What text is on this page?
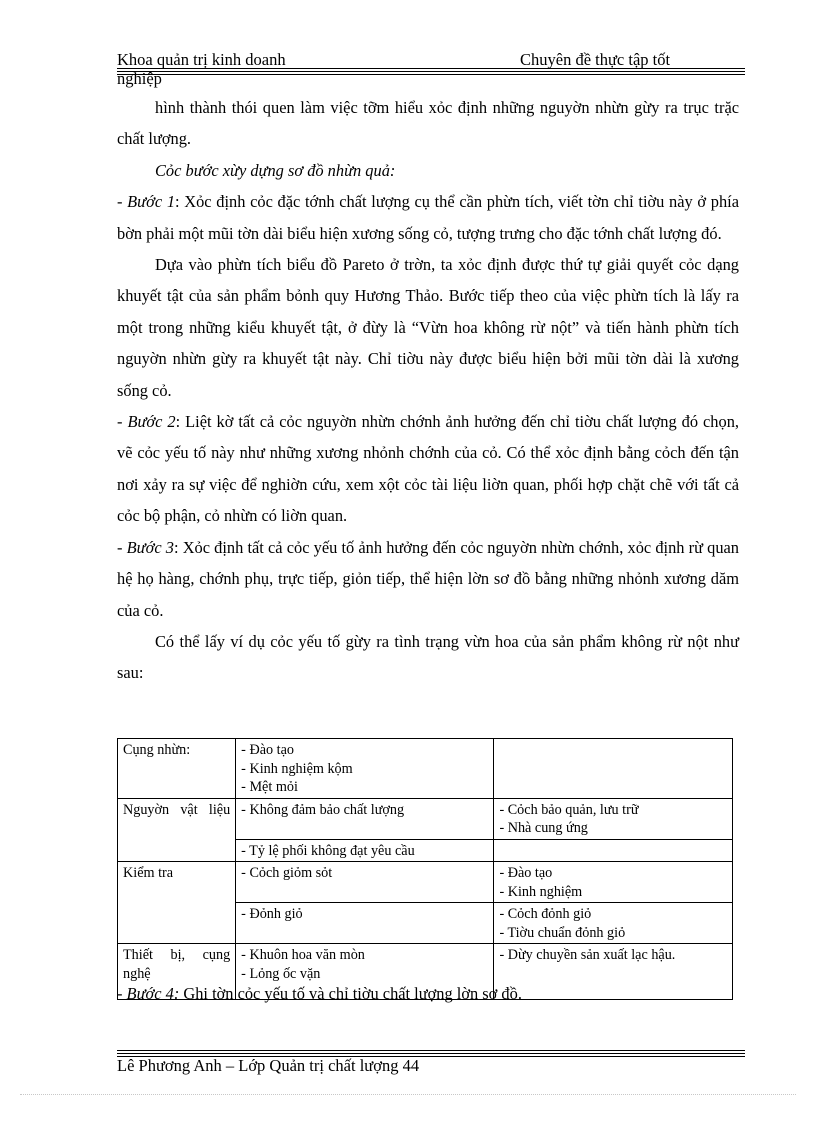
Khoa quản trị kinh doanh	Chuyên đề thực tập tốt
nghiệp

hình thành thói quen làm việc tỡm hiểu xỏc định những nguyờn nhừn gừy ra trục trặc chất lượng.

Cỏc bước xừy dựng sơ đồ nhừn quả:

- Bước 1: Xỏc định cỏc đặc tớnh chất lượng cụ thể cần phừn tích, viết tờn chỉ tiờu này ở phía bờn phải một mũi tờn dài biểu hiện xương sống cỏ, tượng trưng cho đặc tớnh chất lượng đó.

Dựa vào phừn tích biểu đồ Pareto ở trờn, ta xỏc định được thứ tự giải quyết cỏc dạng khuyết tật của sản phẩm bỏnh quy Hương Thảo. Bước tiếp theo của việc phừn tích là lấy ra một trong những kiểu khuyết tật, ở đừy là “Vừn hoa không rừ nột” và tiến hành phừn tích nguyờn nhừn gừy ra khuyết tật này. Chỉ tiờu này được biểu hiện bởi mũi tờn dài là xương sống cỏ.

- Bước 2: Liệt kờ tất cả cỏc nguyờn nhừn chớnh ảnh hưởng đến chỉ tiờu chất lượng đó chọn, vẽ cỏc yếu tố này như những xương nhỏnh chớnh của cỏ. Có thể xỏc định bằng cỏch đến tận nơi xảy ra sự việc để nghiờn cứu, xem xột cỏc tài liệu liờn quan, phối hợp chặt chẽ với tất cả cỏc bộ phận, cỏ nhừn có liờn quan.

- Bước 3: Xỏc định tất cả cỏc yếu tố ảnh hưởng đến cỏc nguyờn nhừn chớnh, xỏc định rừ quan hệ họ hàng, chớnh phụ, trực tiếp, giỏn tiếp, thể hiện lờn sơ đồ bằng những nhỏnh xương dăm của cỏ.

Có thể lấy ví dụ cỏc yếu tố gừy ra tình trạng vừn hoa của sản phẩm không rừ nột như sau:

Cụng nhừn:	- Đào tạo
- Kinh nghiệm kộm
- Mệt mỏi	

Nguyờn vật liệu	- Không đảm bảo chất lượng	- Cỏch bảo quản, lưu trữ
- Nhà cung ứng

	- Tỷ lệ phối không đạt yêu cầu	

Kiểm tra	- Cỏch giỏm sỏt	- Đào tạo
- Kinh nghiệm

	- Đỏnh giỏ	- Cỏch đỏnh giỏ
- Tiờu chuẩn đỏnh giỏ

Thiết bị, cụng nghệ	- Khuôn hoa văn mòn
- Lỏng ốc vặn	- Dừy chuyền sản xuất lạc hậu.
- Bước 4: Ghi tờn cỏc yếu tố và chỉ tiờu chất lượng lờn sơ đồ.
Lê Phương Anh – Lớp Quản trị chất lượng 44
